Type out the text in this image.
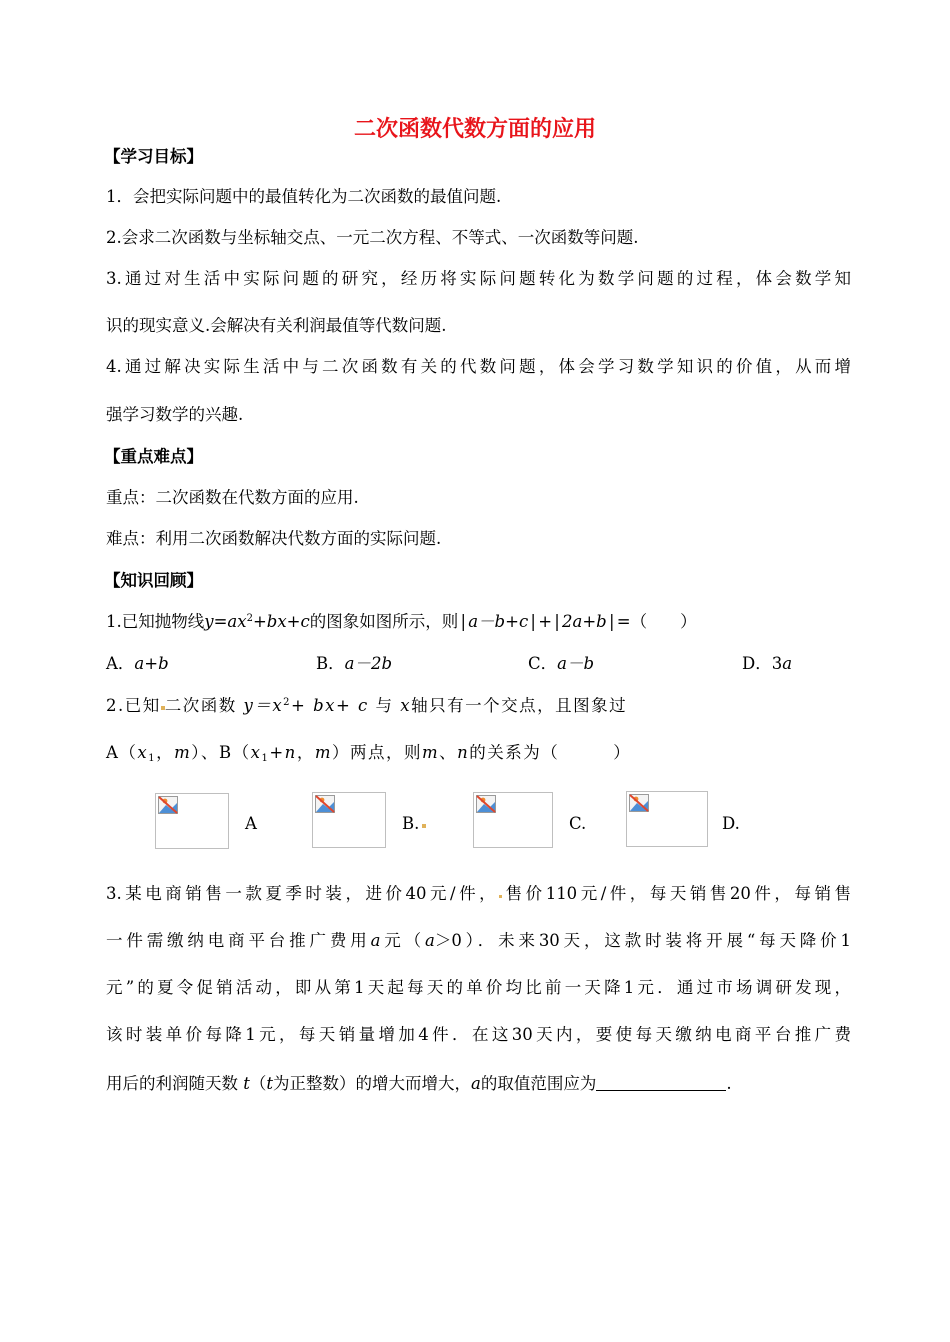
二次函数代数方面的应用
【学习目标】
1．会把实际问题中的最值转化为二次函数的最值问题.
2.会求二次函数与坐标轴交点、一元二次方程、不等式、一次函数等问题.
3.通过对生活中实际问题的研究，经历将实际问题转化为数学问题的过程，体会数学知
识的现实意义.会解决有关利润最值等代数问题.
4.通过解决实际生活中与二次函数有关的代数问题，体会学习数学知识的价值，从而增
强学习数学的兴趣.
【重点难点】
重点：二次函数在代数方面的应用.
难点：利用二次函数解决代数方面的实际问题.
【知识回顾】
1.已知抛物线$y=ax^2+bx+c$的图象如图所示，则 | a－b+c | + | 2a+b | =（　　）
A．a+b	B．a－2b	C．a－b	D．3a
2.已知 二次函数 $y=x^2+ bx+ c$ 与 x轴只有一个交点，且图象过
$A(x_1$，m）、$B(x_1+n$，m）两点，则m、n的关系为（　　　）
A	B.	C.	D.
3.某电商销售一款夏季时装，进价40元/件， 售价110元/件，每天销售20件，每销售
一件需缴纳电商平台推广费用a元（a＞0）．未来30天，这款时装将开展“每天降价1
元”的夏令促销活动，即从第1天起每天的单价均比前一天降1元．通过市场调研发现，
该时装单价每降1元，每天销量增加4件．在这30天内，要使每天缴纳电商平台推广费
用后的利润随天数 t（t为正整数）的增大而增大，a的取值范围应为	.
